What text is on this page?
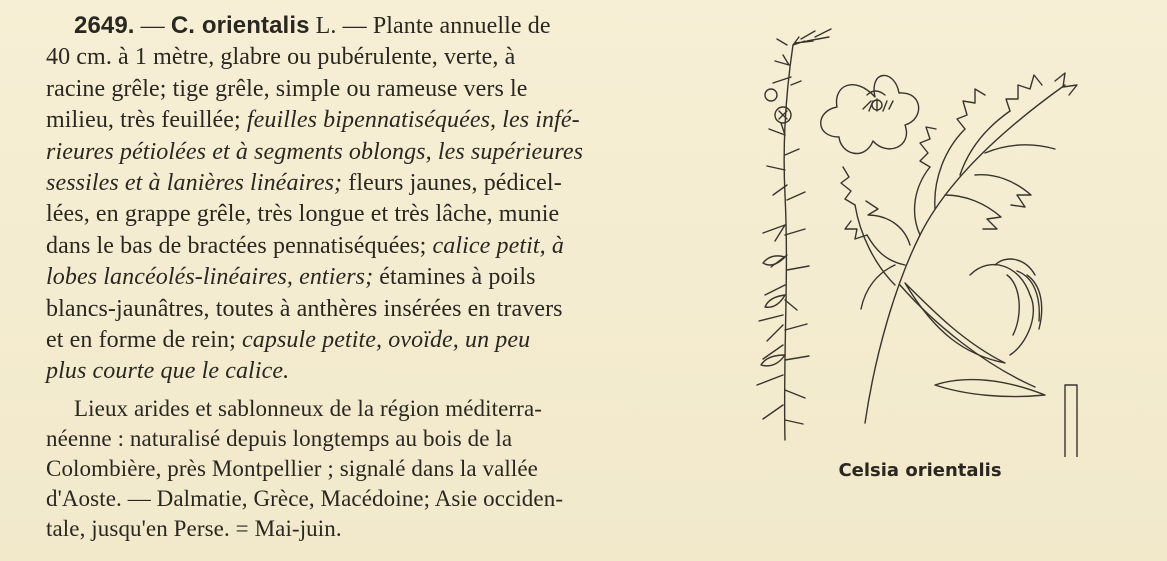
2649. — C. orientalis L. — Plante annuelle de
40 cm. à 1 mètre, glabre ou pubérulente, verte, à
racine grêle; tige grêle, simple ou rameuse vers le
milieu, très feuillée; feuilles bipennatiséquées, les infé-
rieures pétiolées et à segments oblongs, les supérieures
sessiles et à lanières linéaires; fleurs jaunes, pédicel-
lées, en grappe grêle, très longue et très lâche, munie
dans le bas de bractées pennatiséquées; calice petit, à
lobes lancéolés-linéaires, entiers; étamines à poils
blancs-jaunâtres, toutes à anthères insérées en travers
et en forme de rein; capsule petite, ovoïde, un peu
plus courte que le calice.

Lieux arides et sablonneux de la région méditerra-
néenne : naturalisé depuis longtemps au bois de la
Colombière, près Montpellier ; signalé dans la vallée
d'Aoste. — Dalmatie, Grèce, Macédoine; Asie occiden-
tale, jusqu'en Perse. = Mai-juin.

Celsia orientalis
